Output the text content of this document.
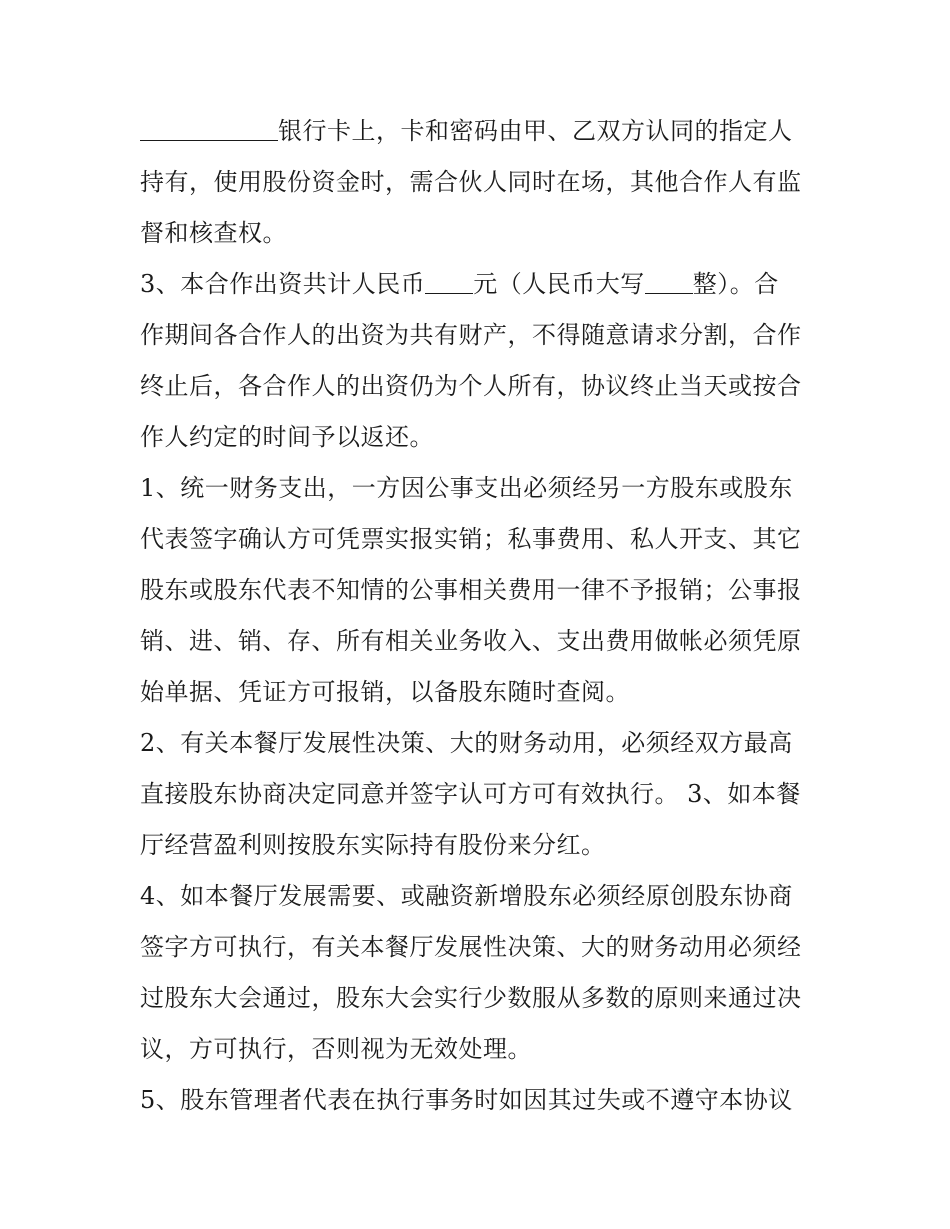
银行卡上，卡和密码由甲、乙双方认同的指定人
持有，使用股份资金时，需合伙人同时在场，其他合作人有监
督和核查权。
3、本合作出资共计人民币 元（人民币大写 整）。合
作期间各合作人的出资为共有财产，不得随意请求分割，合作
终止后，各合作人的出资仍为个人所有，协议终止当天或按合
作人约定的时间予以返还。
1、统一财务支出，一方因公事支出必须经另一方股东或股东
代表签字确认方可凭票实报实销；私事费用、私人开支、其它
股东或股东代表不知情的公事相关费用一律不予报销；公事报
销、进、销、存、所有相关业务收入、支出费用做帐必须凭原
始单据、凭证方可报销，以备股东随时查阅。
2、有关本餐厅发展性决策、大的财务动用，必须经双方最高
直接股东协商决定同意并签字认可方可有效执行。 3、如本餐
厅经营盈利则按股东实际持有股份来分红。
4、如本餐厅发展需要、或融资新增股东必须经原创股东协商
签字方可执行，有关本餐厅发展性决策、大的财务动用必须经
过股东大会通过，股东大会实行少数服从多数的原则来通过决
议，方可执行，否则视为无效处理。
5、股东管理者代表在执行事务时如因其过失或不遵守本协议
